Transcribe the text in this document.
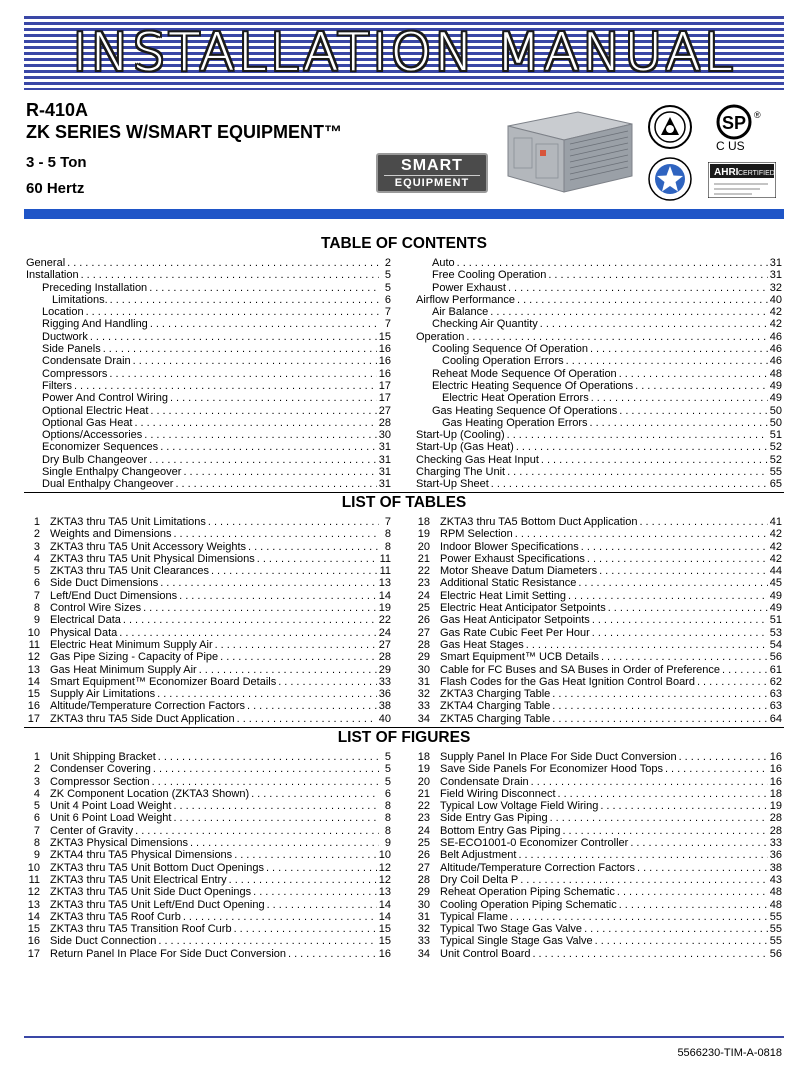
INSTALLATION MANUAL
R-410A
ZK SERIES W/SMART EQUIPMENT™
3 - 5 Ton
60 Hertz
SMART
EQUIPMENT
SP
C US
®
AHRI CERTIFIED
TABLE OF CONTENTS
General .....	2
Installation .....	5
Preceding Installation .....	5
Limitations. .....	6
Location .....	7
Rigging And Handling .....	7
Ductwork .....	15
Side Panels .....	16
Condensate Drain .....	16
Compressors .....	16
Filters .....	17
Power And Control Wiring .....	17
Optional Electric Heat .....	27
Optional Gas Heat .....	28
Options/Accessories .....	30
Economizer Sequences .....	31
Dry Bulb Changeover .....	31
Single Enthalpy Changeover .....	31
Dual Enthalpy Changeover .....	31
Auto .....	31
Free Cooling Operation .....	31
Power Exhaust .....	32
Airflow Performance .....	40
Air Balance .....	42
Checking Air Quantity .....	42
Operation .....	46
Cooling Sequence Of Operation .....	46
Cooling Operation Errors .....	46
Reheat Mode Sequence Of Operation .....	48
Electric Heating Sequence Of Operations .....	49
Electric Heat Operation Errors .....	49
Gas Heating Sequence Of Operations .....	50
Gas Heating Operation Errors .....	50
Start-Up (Cooling) .....	51
Start-Up (Gas Heat) .....	52
Checking Gas Heat Input .....	52
Charging The Unit .....	55
Start-Up Sheet .....	65
LIST OF TABLES
1 ZKTA3 thru TA5 Unit Limitations .....	7
2 Weights and Dimensions .....	8
3 ZKTA3 thru TA5 Unit Accessory Weights .....	8
4 ZKTA3 thru TA5 Unit Physical Dimensions .....	11
5 ZKTA3 thru TA5 Unit Clearances .....	11
6 Side Duct Dimensions .....	13
7 Left/End Duct Dimensions .....	14
8 Control Wire Sizes .....	19
9 Electrical Data .....	22
10 Physical Data .....	24
11 Electric Heat Minimum Supply Air .....	27
12 Gas Pipe Sizing - Capacity of Pipe .....	28
13 Gas Heat Minimum Supply Air .....	29
14 Smart Equipment™ Economizer Board Details .....	33
15 Supply Air Limitations .....	36
16 Altitude/Temperature Correction Factors .....	38
17 ZKTA3 thru TA5 Side Duct Application .....	40
18 ZKTA3 thru TA5 Bottom Duct Application .....	41
19 RPM Selection .....	42
20 Indoor Blower Specifications .....	42
21 Power Exhaust Specifications .....	42
22 Motor Sheave Datum Diameters .....	44
23 Additional Static Resistance .....	45
24 Electric Heat Limit Setting .....	49
25 Electric Heat Anticipator Setpoints .....	49
26 Gas Heat Anticipator Setpoints .....	51
27 Gas Rate Cubic Feet Per Hour .....	53
28 Gas Heat Stages .....	54
29 Smart Equipment™ UCB Details .....	56
30 Cable for FC Buses and SA Buses in Order of Preference .....	61
31 Flash Codes for the Gas Heat Ignition Control Board .....	62
32 ZKTA3 Charging Table .....	63
33 ZKTA4 Charging Table .....	63
34 ZKTA5 Charging Table .....	64
LIST OF FIGURES
1 Unit Shipping Bracket .....	5
2 Condenser Covering .....	5
3 Compressor Section .....	5
4 ZK Component Location (ZKTA3 Shown) .....	6
5 Unit 4 Point Load Weight .....	8
6 Unit 6 Point Load Weight .....	8
7 Center of Gravity .....	8
8 ZKTA3 Physical Dimensions .....	9
9 ZKTA4 thru TA5 Physical Dimensions .....	10
10 ZKTA3 thru TA5 Unit Bottom Duct Openings .....	12
11 ZKTA3 thru TA5 Unit Electrical Entry .....	12
12 ZKTA3 thru TA5 Unit Side Duct Openings .....	13
13 ZKTA3 thru TA5 Unit Left/End Duct Opening .....	14
14 ZKTA3 thru TA5 Roof Curb .....	14
15 ZKTA3 thru TA5 Transition Roof Curb .....	15
16 Side Duct Connection .....	15
17 Return Panel In Place For Side Duct Conversion .....	16
18 Supply Panel In Place For Side Duct Conversion .....	16
19 Save Side Panels For Economizer Hood Tops .....	16
20 Condensate Drain .....	16
21 Field Wiring Disconnect .....	18
22 Typical Low Voltage Field Wiring .....	19
23 Side Entry Gas Piping .....	28
24 Bottom Entry Gas Piping .....	28
25 SE-ECO1001-0 Economizer Controller .....	33
26 Belt Adjustment .....	36
27 Altitude/Temperature Correction Factors .....	38
28 Dry Coil Delta P .....	43
29 Reheat Operation Piping Schematic .....	48
30 Cooling Operation Piping Schematic .....	48
31 Typical Flame .....	55
32 Typical Two Stage Gas Valve .....	55
33 Typical Single Stage Gas Valve .....	55
34 Unit Control Board .....	56
5566230-TIM-A-0818
